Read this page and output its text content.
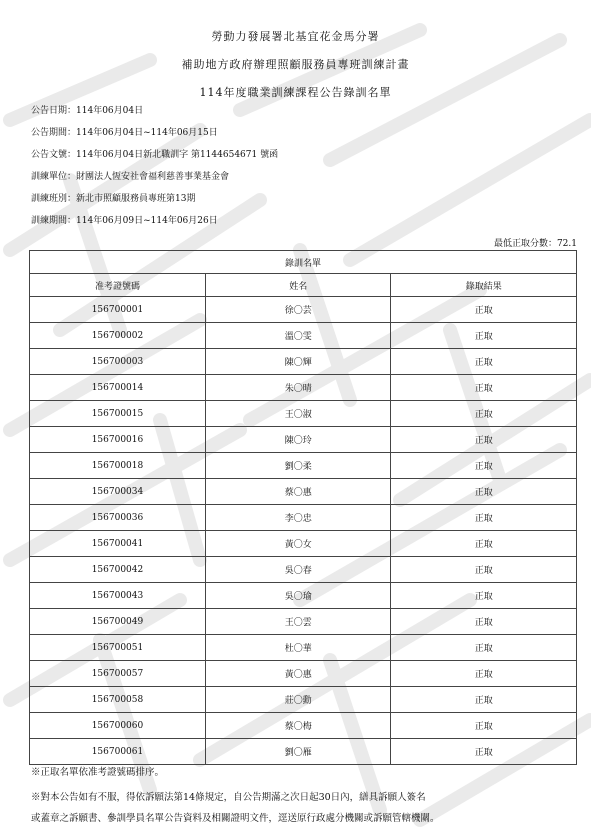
勞動力發展署北基宜花金馬分署
補助地方政府辦理照顧服務員專班訓練計畫
114年度職業訓練課程公告錄訓名單
公告日期：114年06月04日
公告期間：114年06月04日~114年06月15日
公告文號：114年06月04日新北職訓字 第1144654671 號函
訓練單位：財團法人恆安社會福利慈善事業基金會
訓練班別：新北市照顧服務員專班第13期
訓練期間：114年06月09日~114年06月26日
最低正取分數：72.1
錄訓名單		
准考證號碼	姓名	錄取結果
156700001	徐〇芸	正取
156700002	溫〇雯	正取
156700003	陳〇輝	正取
156700014	朱〇晴	正取
156700015	王〇淑	正取
156700016	陳〇玲	正取
156700018	劉〇柔	正取
156700034	蔡〇惠	正取
156700036	李〇忠	正取
156700041	黃〇女	正取
156700042	吳〇春	正取
156700043	吳〇瑜	正取
156700049	王〇雲	正取
156700051	杜〇華	正取
156700057	黃〇惠	正取
156700058	莊〇勳	正取
156700060	蔡〇梅	正取
156700061	劉〇雁	正取
※正取名單依准考證號碼排序。
※對本公告如有不服，得依訴願法第14條規定，自公告期滿之次日起30日內，繕具訴願人簽名
或蓋章之訴願書、參訓學員名單公告資料及相關證明文件，逕送原行政處分機關或訴願管轄機關。
